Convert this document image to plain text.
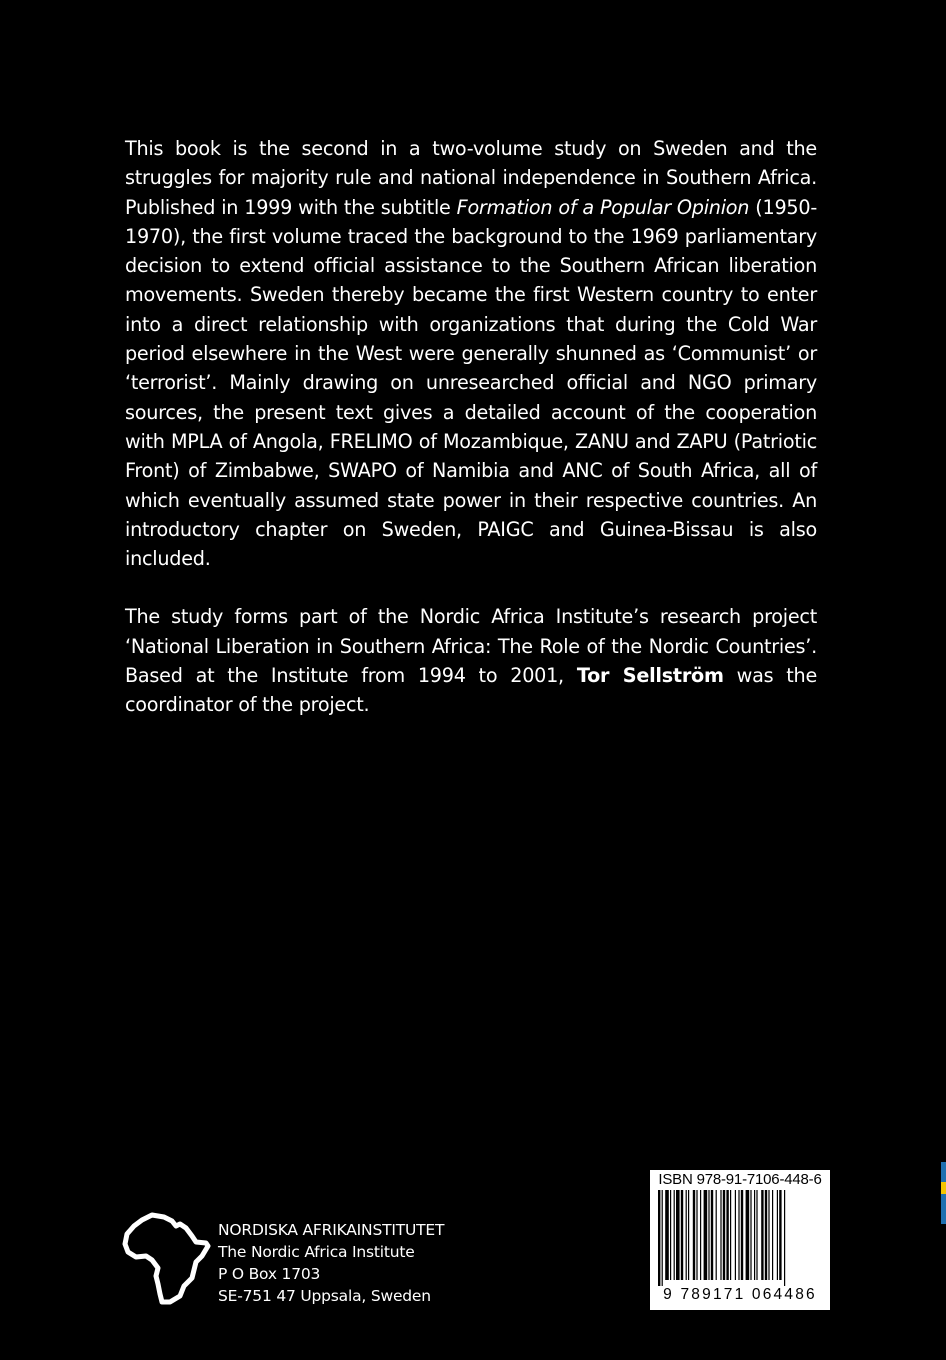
This book is the second in a two-volume study on Sweden and the struggles for majority rule and national independence in Southern Africa. Published in 1999 with the subtitle Formation of a Popular Opinion (1950-1970), the first volume traced the background to the 1969 parliamentary decision to extend official assistance to the Southern African liberation movements. Sweden thereby became the first Western country to enter into a direct relationship with organizations that during the Cold War period elsewhere in the West were generally shunned as ‘Communist’ or ‘terrorist’. Mainly drawing on unresearched official and NGO primary sources, the present text gives a detailed account of the cooperation with MPLA of Angola, FRELIMO of Mozambique, ZANU and ZAPU (Patriotic Front) of Zimbabwe, SWAPO of Namibia and ANC of South Africa, all of which eventually assumed state power in their respective countries. An introductory chapter on Sweden, PAIGC and Guinea-Bissau is also included.

The study forms part of the Nordic Africa Institute’s research project ‘National Liberation in Southern Africa: The Role of the Nordic Countries’. Based at the Institute from 1994 to 2001, Tor Sellström was the coordinator of the project.

NORDISKA AFRIKAINSTITUTET
The Nordic Africa Institute
P O Box 1703
SE-751 47 Uppsala, Sweden
ISBN 978-91-7106-448-6
9 789171 064486
